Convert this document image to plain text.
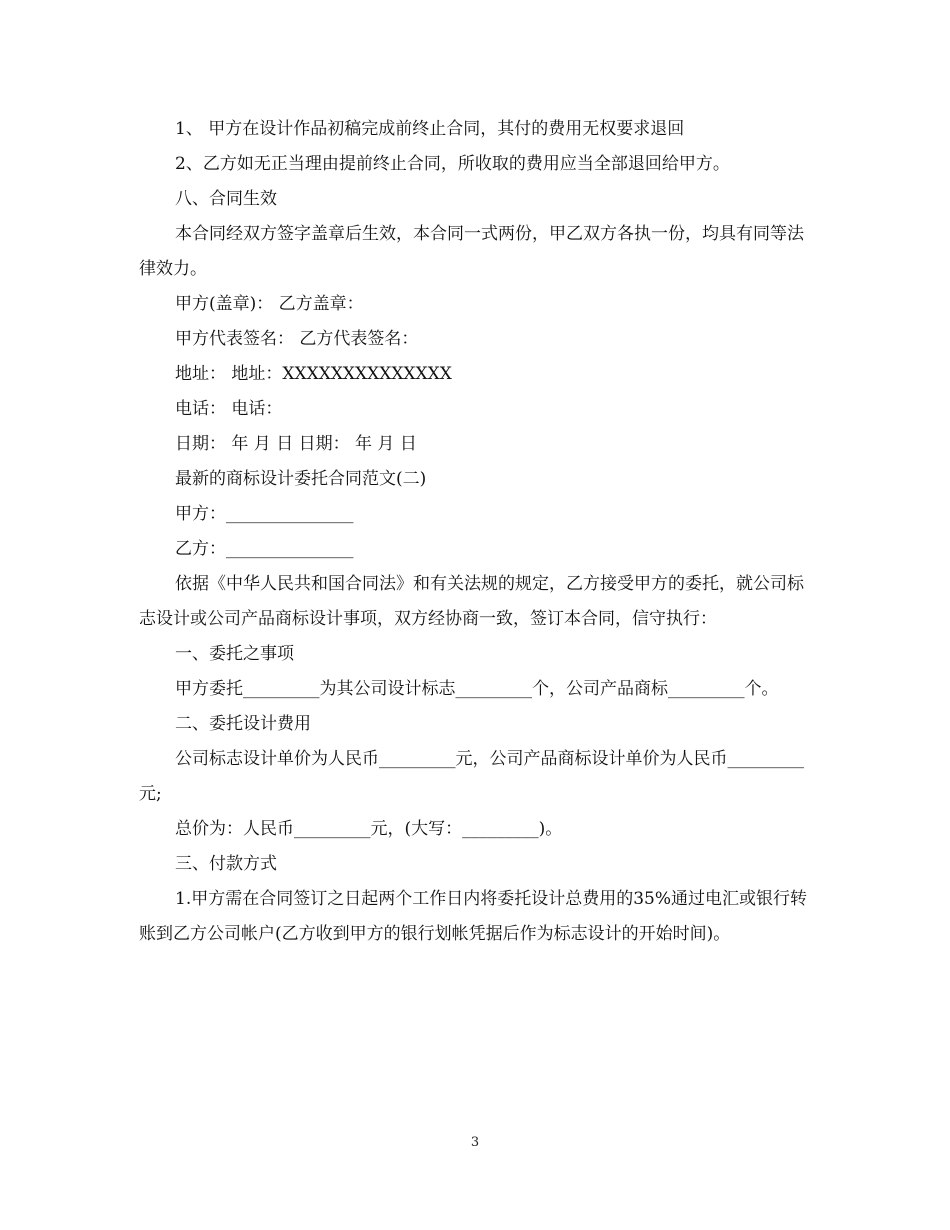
1、 甲方在设计作品初稿完成前终止合同，其付的费用无权要求退回

2、乙方如无正当理由提前终止合同，所收取的费用应当全部退回给甲方。

八、合同生效

本合同经双方签字盖章后生效，本合同一式两份，甲乙双方各执一份，均具有同等法律效力。

甲方(盖章)： 乙方盖章：

甲方代表签名： 乙方代表签名：

地址： 地址：XXXXXXXXXXXXXX

电话： 电话：

日期： 年 月 日 日期： 年 月 日

最新的商标设计委托合同范文(二)

甲方：_______________

乙方：_______________

依据《中华人民共和国合同法》和有关法规的规定，乙方接受甲方的委托，就公司标志设计或公司产品商标设计事项，双方经协商一致，签订本合同，信守执行：

一、委托之事项

甲方委托_________为其公司设计标志_________个，公司产品商标_________个。

二、委托设计费用

公司标志设计单价为人民币_________元，公司产品商标设计单价为人民币_________元;

总价为：人民币_________元，(大写：_________)。

三、付款方式

1.甲方需在合同签订之日起两个工作日内将委托设计总费用的35%通过电汇或银行转账到乙方公司帐户(乙方收到甲方的银行划帐凭据后作为标志设计的开始时间)。

3
